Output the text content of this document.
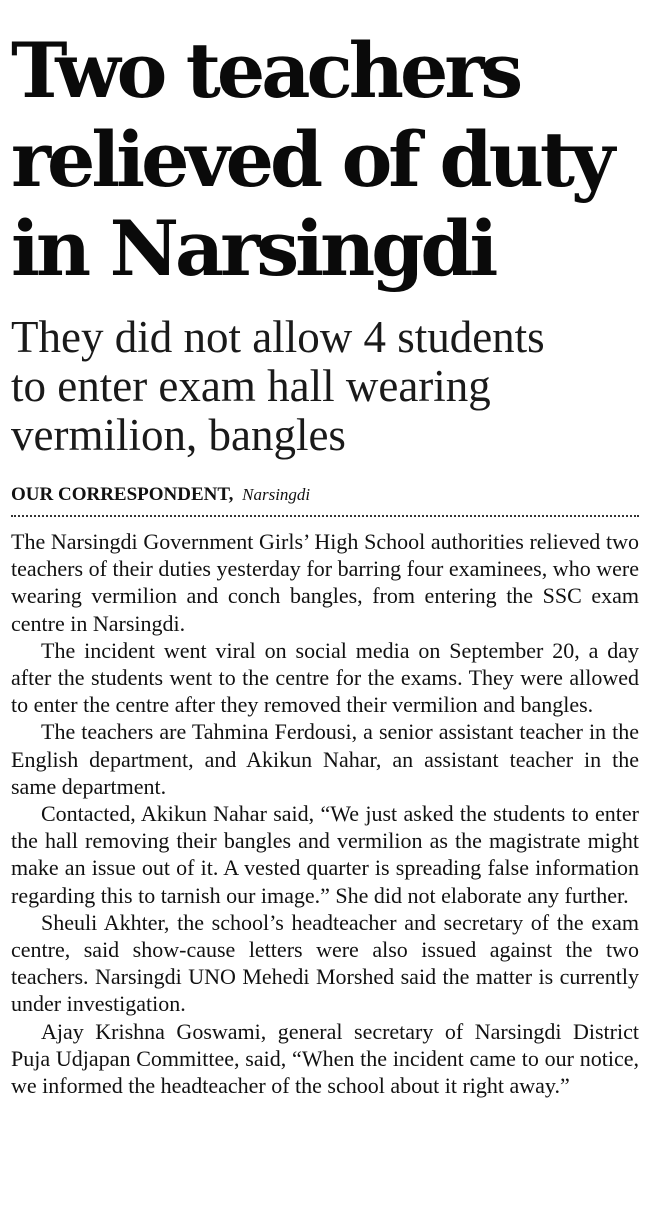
Two teachers
relieved of duty
in Narsingdi
They did not allow 4 students
to enter exam hall wearing
vermilion, bangles
OUR CORRESPONDENT, Narsingdi

The Narsingdi Government Girls’ High School authorities relieved two teachers of their duties yesterday for barring four examinees, who were wearing vermilion and conch bangles, from entering the SSC exam centre in Narsingdi.

The incident went viral on social media on September 20, a day after the students went to the centre for the exams. They were allowed to enter the centre after they removed their vermilion and bangles.

The teachers are Tahmina Ferdousi, a senior assistant teacher in the English department, and Akikun Nahar, an assistant teacher in the same department.

Contacted, Akikun Nahar said, “We just asked the students to enter the hall removing their bangles and vermilion as the magistrate might make an issue out of it. A vested quarter is spreading false information regarding this to tarnish our image.” She did not elaborate any further.

Sheuli Akhter, the school’s headteacher and secretary of the exam centre, said show-cause letters were also issued against the two teachers. Narsingdi UNO Mehedi Morshed said the matter is currently under investigation.

Ajay Krishna Goswami, general secretary of Narsingdi District Puja Udjapan Committee, said, “When the incident came to our notice, we informed the headteacher of the school about it right away.”
